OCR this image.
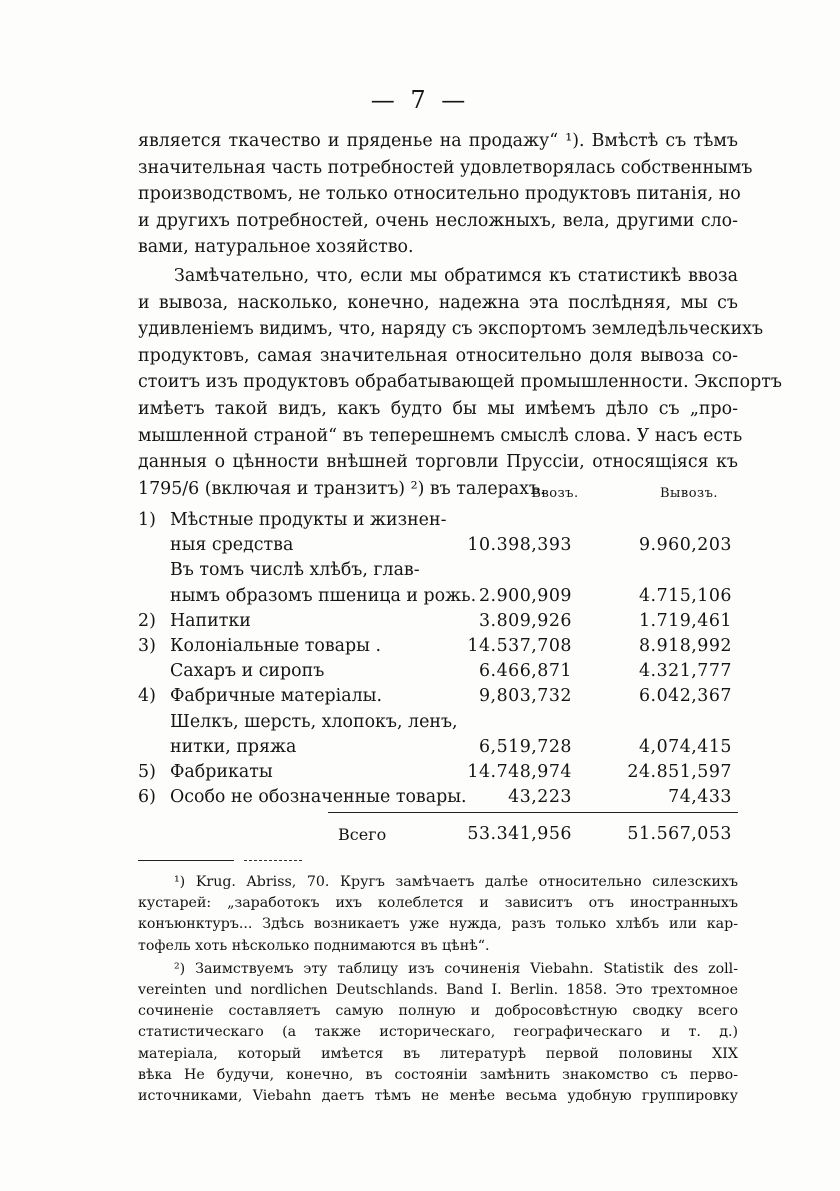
— 7 —

является ткачество и пряденье на продажу“ ¹). Вмѣстѣ съ тѣмъ
значительная часть потребностей удовлетворялась собственнымъ
производствомъ, не только относительно продуктовъ питанія, но
и другихъ потребностей, очень несложныхъ, вела, другими сло-
вами, натуральное хозяйство.

Замѣчательно, что, если мы обратимся къ статистикѣ ввоза
и вывоза, насколько, конечно, надежна эта послѣдняя, мы съ
удивленіемъ видимъ, что, наряду съ экспортомъ земледѣльческихъ
продуктовъ, самая значительная относительно доля вывоза со-
стоитъ изъ продуктовъ обрабатывающей промышленности. Экспортъ
имѣетъ такой видъ, какъ будто бы мы имѣемъ дѣло съ „про-
мышленной страной“ въ теперешнемъ смыслѣ слова. У насъ есть
данныя о цѣнности внѣшней торговли Пруссіи, относящіяся къ
1795/6 (включая и транзитъ) ²) въ талерахъ.

Ввозъ.	Вывозъ.
1) Мѣстные продукты и жизнен-
ныя средства	10.398,393	9.960,203
Въ томъ числѣ хлѣбъ, глав-
нымъ образомъ пшеница и рожь. 2.900,909	4.715,106
2) Напитки	3.809,926	1.719,461
3) Колоніальные товары .	14.537,708	8.918,992
Сахаръ и сиропъ	6.466,871	4.321,777
4) Фабричные матеріалы.	9,803,732	6.042,367
Шелкъ, шерсть, хлопокъ, ленъ,
нитки, пряжа	6,519,728	4,074,415
5) Фабрикаты	14.748,974	24.851,597
6) Особо не обозначенные товары. 43,223	74,433
Всего	53.341,956	51.567,053

¹) Krug. Abriss, 70. Кругъ замѣчаетъ далѣе относительно силезскихъ
кустарей: „заработокъ ихъ колеблется и зависитъ отъ иностранныхъ
конъюнктуръ... Здѣсь возникаетъ уже нужда, разъ только хлѣбъ или кар-
тофель хоть нѣсколько поднимаются въ цѣнѣ“.

²) Заимствуемъ эту таблицу изъ сочиненія Viebahn. Statistik des zoll-
vereinten und nordlichen Deutschlands. Band I. Berlin. 1858. Это трехтомное
сочиненіе составляетъ самую полную и добросовѣстную сводку всего
статистическаго (а также историческаго, географическаго и т. д.)
матеріала, который имѣется въ литературѣ первой половины XIX
вѣка Не будучи, конечно, въ состояніи замѣнить знакомство съ перво-
источниками, Viebahn даетъ тѣмъ не менѣе весьма удобную группировку
